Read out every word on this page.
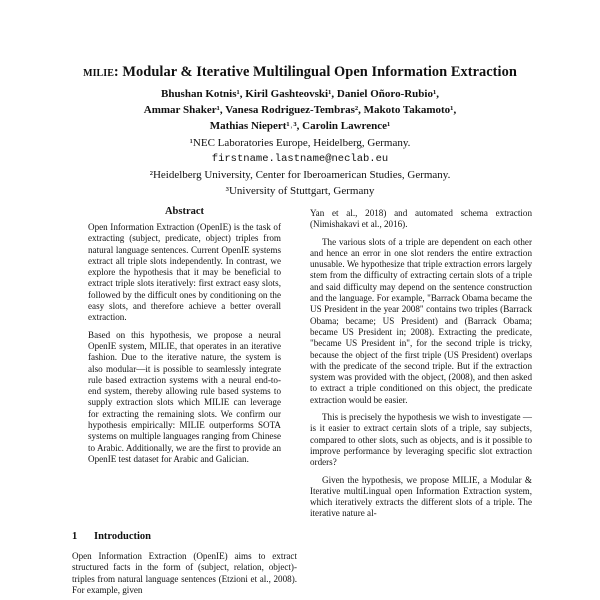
milie: Modular & Iterative Multilingual Open Information Extraction
Bhushan Kotnis¹, Kiril Gashteovski¹, Daniel Oñoro-Rubio¹,
Ammar Shaker¹, Vanesa Rodriguez-Tembras², Makoto Takamoto¹,
Mathias Niepert¹˒³, Carolin Lawrence¹
¹NEC Laboratories Europe, Heidelberg, Germany.
firstname.lastname@neclab.eu
²Heidelberg University, Center for Iberoamerican Studies, Germany.
³University of Stuttgart, Germany
Abstract

Open Information Extraction (OpenIE) is the task of extracting (subject, predicate, object) triples from natural language sentences. Current OpenIE systems extract all triple slots independently. In contrast, we explore the hypothesis that it may be beneficial to extract triple slots iteratively: first extract easy slots, followed by the difficult ones by conditioning on the easy slots, and therefore achieve a better overall extraction.

Based on this hypothesis, we propose a neural OpenIE system, MILIE, that operates in an iterative fashion. Due to the iterative nature, the system is also modular—it is possible to seamlessly integrate rule based extraction systems with a neural end-to-end system, thereby allowing rule based systems to supply extraction slots which MILIE can leverage for extracting the remaining slots. We confirm our hypothesis empirically: MILIE outperforms SOTA systems on multiple languages ranging from Chinese to Arabic. Additionally, we are the first to provide an OpenIE test dataset for Arabic and Galician.

1 Introduction
Open Information Extraction (OpenIE) aims to extract structured facts in the form of (subject, relation, object)-triples from natural language sentences (Etzioni et al., 2008). For example, given

Yan et al., 2018) and automated schema extraction (Nimishakavi et al., 2016).

The various slots of a triple are dependent on each other and hence an error in one slot renders the entire extraction unusable. We hypothesize that triple extraction errors largely stem from the difficulty of extracting certain slots of a triple and said difficulty may depend on the sentence construction and the language. For example, "Barrack Obama became the US President in the year 2008" contains two triples (Barrack Obama; became; US President) and (Barrack Obama; became US President in; 2008). Extracting the predicate, "became US President in", for the second triple is tricky, because the object of the first triple (US President) overlaps with the predicate of the second triple. But if the extraction system was provided with the object, (2008), and then asked to extract a triple conditioned on this object, the predicate extraction would be easier.

This is precisely the hypothesis we wish to investigate —is it easier to extract certain slots of a triple, say subjects, compared to other slots, such as objects, and is it possible to improve performance by leveraging specific slot extraction orders?

Given the hypothesis, we propose MILIE, a Modular & Iterative multiLingual open Information Extraction system, which iteratively extracts the different slots of a triple. The iterative nature al-
